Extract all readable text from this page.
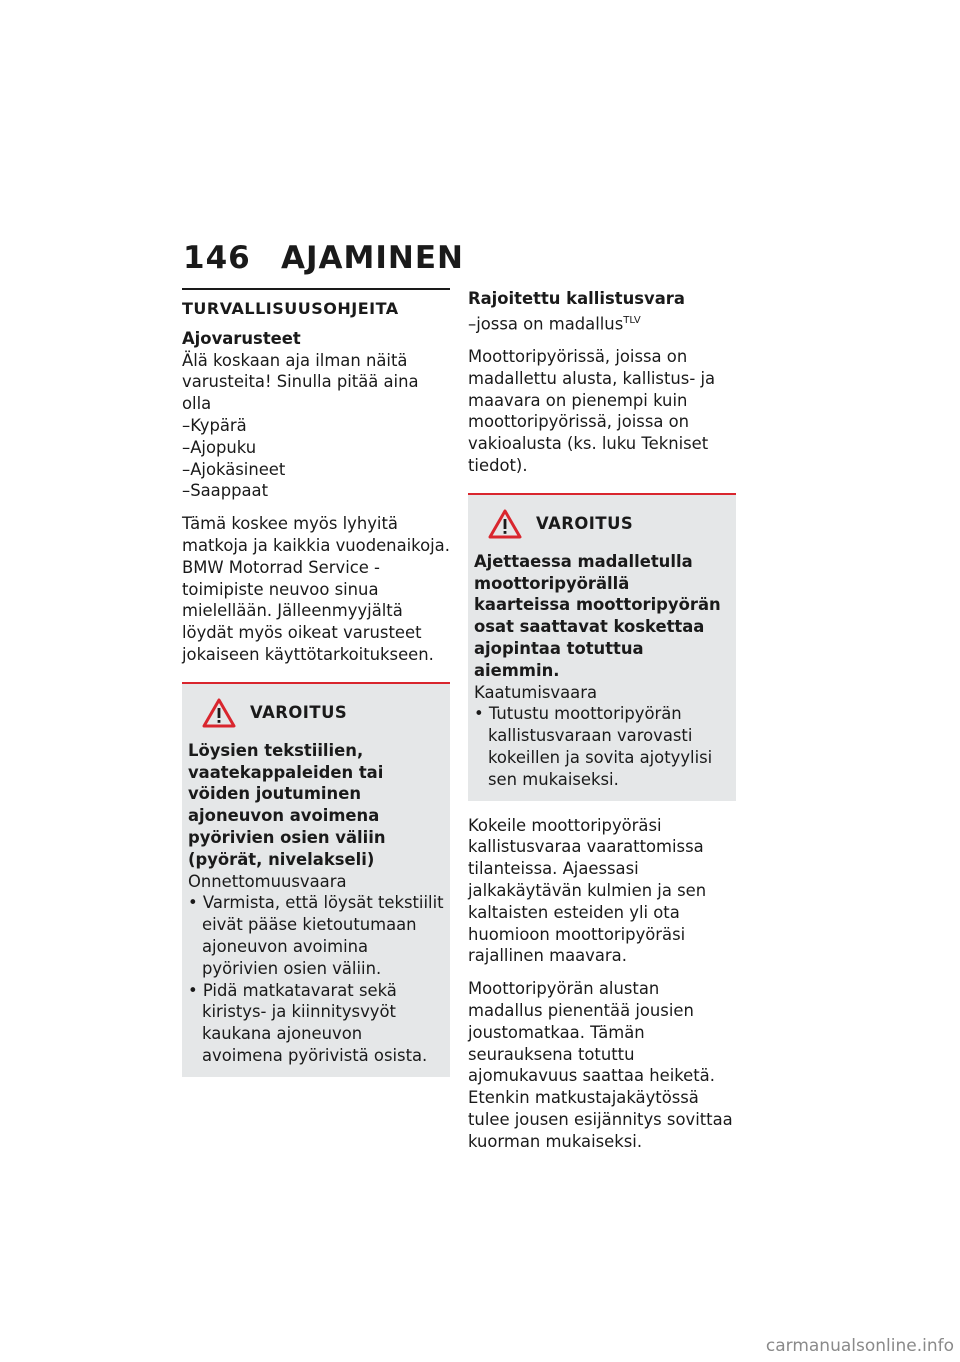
146 AJAMINEN
TURVALLISUUSOHJEITA
Ajovarusteet
Älä koskaan aja ilman näitä varusteita! Sinulla pitää aina olla
–Kypärä
–Ajopuku
–Ajokäsineet
–Saappaat

Tämä koskee myös lyhyitä matkoja ja kaikkia vuodenaikoja. BMW Motorrad Service -toimipiste neuvoo sinua mielellään. Jälleenmyyjältä löydät myös oikeat varusteet jokaiseen käyttötarkoitukseen.

VAROITUS
Löysien tekstiilien, vaatekappaleiden tai vöiden joutuminen ajoneuvon avoimena pyörivien osien väliin (pyörät, nivelakseli)
Onnettomuusvaara
• Varmista, että löysät tekstiilit eivät pääse kietoutumaan ajoneuvon avoimina pyörivien osien väliin.
• Pidä matkatavarat sekä kiristys- ja kiinnitysvyöt kaukana ajoneuvon avoimena pyörivistä osista.
Rajoitettu kallistusvara

–jossa on madallus$^{TLV}$

Moottoripyörissä, joissa on madallettu alusta, kallistus- ja maavara on pienempi kuin moottoripyörissä, joissa on vakioalusta (ks. luku Tekniset tiedot).

VAROITUS
Ajettaessa madalletulla moottoripyörällä kaarteissa moottoripyörän osat saattavat koskettaa ajopintaa totuttua aiemmin.
Kaatumisvaara
• Tutustu moottoripyörän kallistusvaraan varovasti kokeillen ja sovita ajotyylisi sen mukaiseksi.

Kokeile moottoripyöräsi kallistusvaraa vaarattomissa tilanteissa. Ajaessasi jalkakäytävän kulmien ja sen kaltaisten esteiden yli ota huomioon moottoripyöräsi rajallinen maavara.

Moottoripyörän alustan madallus pienentää jousien joustomatkaa. Tämän seurauksena totuttu ajomukavuus saattaa heiketä. Etenkin matkustajakäytössä tulee jousen esijännitys sovittaa kuorman mukaiseksi.

carmanualsonline.info
